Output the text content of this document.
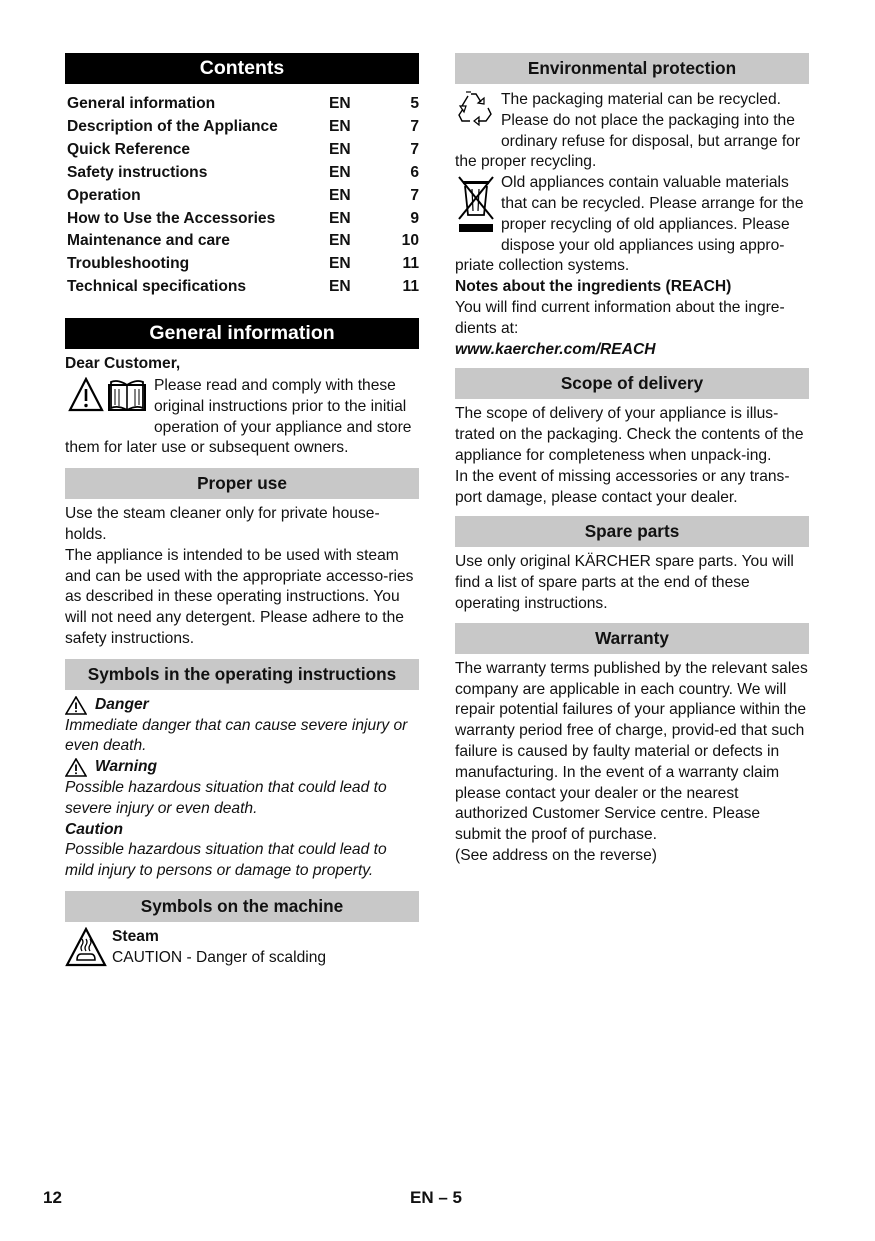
Contents
General information	EN	5
Description of the Appliance	EN	7
Quick Reference	EN	7
Safety instructions	EN	6
Operation	EN	7
How to Use the Accessories	EN	9
Maintenance and care	EN	10
Troubleshooting	EN	11
Technical specifications	EN	11
General information

Dear Customer,

Please read and comply with these original instructions prior to the initial operation of your appliance and store them for later use or subsequent owners.

Proper use

Use the steam cleaner only for private house-holds.

The appliance is intended to be used with steam and can be used with the appropriate accesso-ries as described in these operating instructions. You will not need any detergent. Please adhere to the safety instructions.

Symbols in the operating instructions
Danger

Immediate danger that can cause severe injury or even death.

Warning

Possible hazardous situation that could lead to severe injury or even death.

Caution

Possible hazardous situation that could lead to mild injury to persons or damage to property.

Symbols on the machine

Steam

CAUTION - Danger of scalding

Environmental protection

The packaging material can be recycled. Please do not place the packaging into the ordinary refuse for disposal, but arrange for the proper recycling.

Old appliances contain valuable materials that can be recycled. Please arrange for the proper recycling of old appliances. Please dispose your old appliances using appro-priate collection systems.

Notes about the ingredients (REACH)

You will find current information about the ingre-dients at:

www.kaercher.com/REACH

Scope of delivery

The scope of delivery of your appliance is illus-trated on the packaging. Check the contents of the appliance for completeness when unpack-ing.

In the event of missing accessories or any trans-port damage, please contact your dealer.

Spare parts

Use only original KÄRCHER spare parts. You will find a list of spare parts at the end of these operating instructions.

Warranty

The warranty terms published by the relevant sales company are applicable in each country. We will repair potential failures of your appliance within the warranty period free of charge, provid-ed that such failure is caused by faulty material or defects in manufacturing. In the event of a warranty claim please contact your dealer or the nearest authorized Customer Service centre. Please submit the proof of purchase.

(See address on the reverse)

12	EN – 5
